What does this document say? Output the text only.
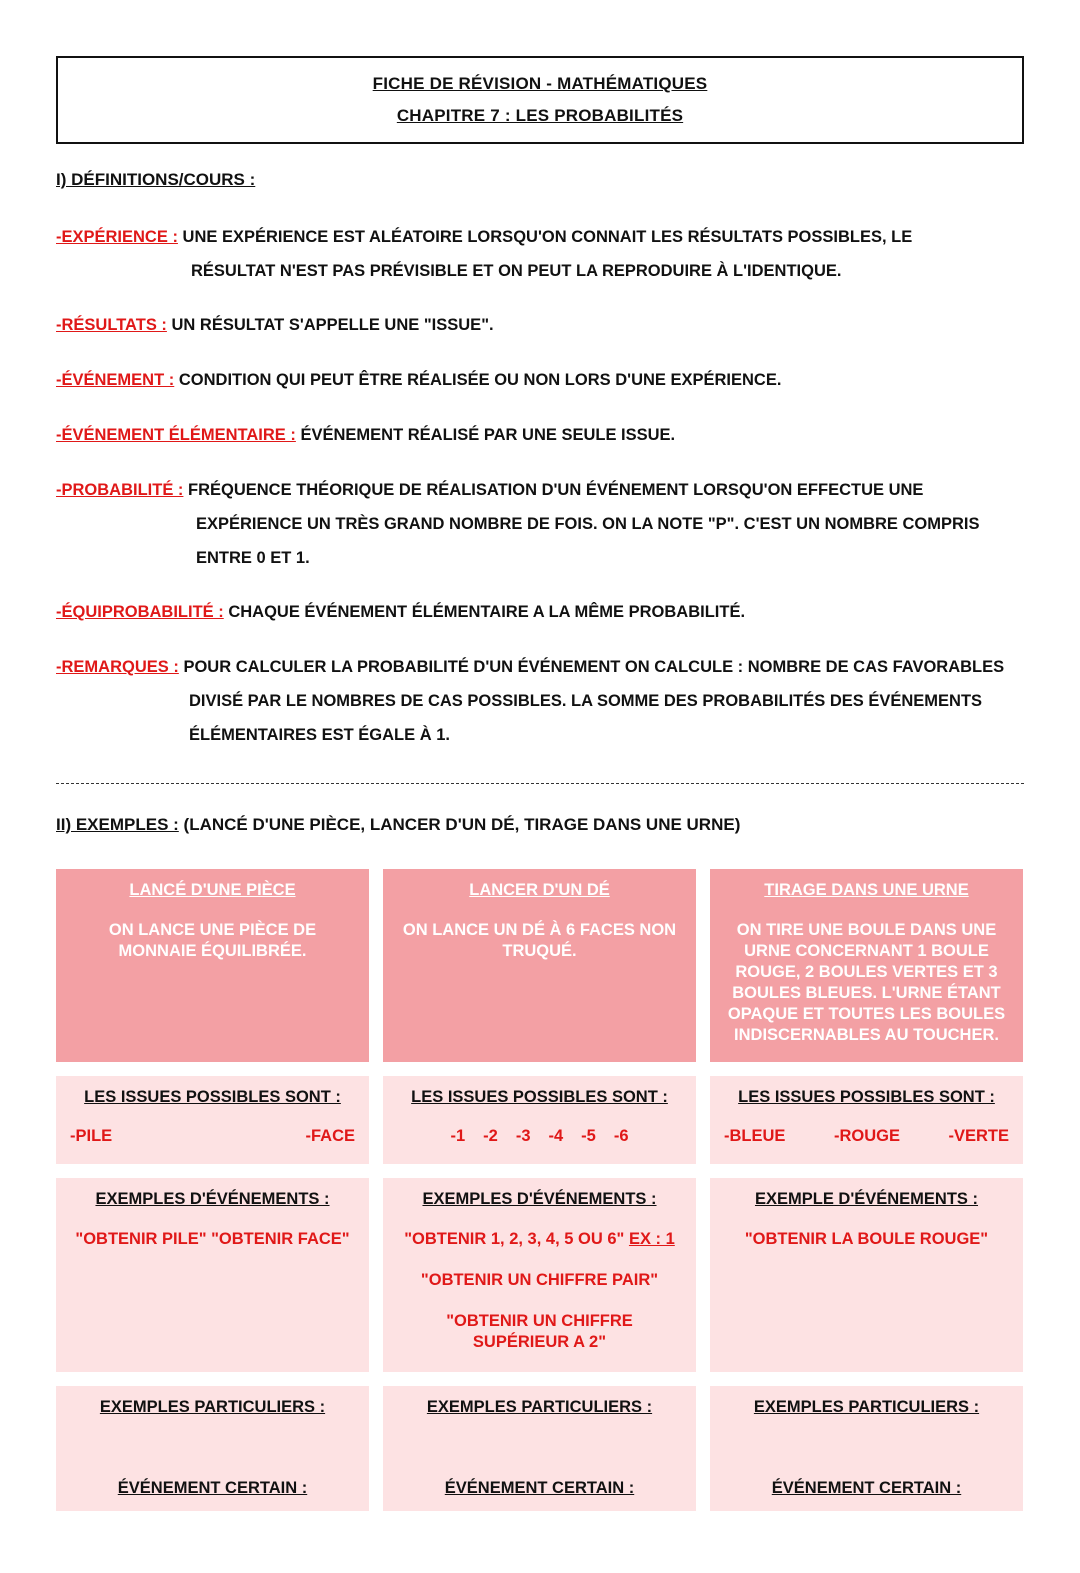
FICHE DE RÉVISION - MATHÉMATIQUES
CHAPITRE 7 : LES PROBABILITÉS
I) DÉFINITIONS/COURS :
-EXPÉRIENCE : UNE EXPÉRIENCE EST ALÉATOIRE LORSQU'ON CONNAIT LES RÉSULTATS POSSIBLES, LE
RÉSULTAT N'EST PAS PRÉVISIBLE ET ON PEUT LA REPRODUIRE À L'IDENTIQUE.
-RÉSULTATS : UN RÉSULTAT S'APPELLE UNE "ISSUE".
-ÉVÉNEMENT : CONDITION QUI PEUT ÊTRE RÉALISÉE OU NON LORS D'UNE EXPÉRIENCE.
-ÉVÉNEMENT ÉLÉMENTAIRE : ÉVÉNEMENT RÉALISÉ PAR UNE SEULE ISSUE.
-PROBABILITÉ : FRÉQUENCE THÉORIQUE DE RÉALISATION D'UN ÉVÉNEMENT LORSQU'ON EFFECTUE UNE
EXPÉRIENCE UN TRÈS GRAND NOMBRE DE FOIS. ON LA NOTE "P". C'EST UN NOMBRE COMPRIS
ENTRE 0 ET 1.
-ÉQUIPROBABILITÉ : CHAQUE ÉVÉNEMENT ÉLÉMENTAIRE A LA MÊME PROBABILITÉ.
-REMARQUES : POUR CALCULER LA PROBABILITÉ D'UN ÉVÉNEMENT ON CALCULE : NOMBRE DE CAS FAVORABLES
DIVISÉ PAR LE NOMBRES DE CAS POSSIBLES. LA SOMME DES PROBABILITÉS DES ÉVÉNEMENTS
ÉLÉMENTAIRES EST ÉGALE À 1.
II) EXEMPLES : (LANCÉ D'UNE PIÈCE, LANCER D'UN DÉ, TIRAGE DANS UNE URNE)
LANCÉ D'UNE PIÈCE
ON LANCE UNE PIÈCE DE MONNAIE ÉQUILIBRÉE.
LES ISSUES POSSIBLES SONT :
-PILE	-FACE
EXEMPLES D'ÉVÉNEMENTS :
"OBTENIR PILE" "OBTENIR FACE"
EXEMPLES PARTICULIERS :
ÉVÉNEMENT CERTAIN :
LANCER D'UN DÉ
ON LANCE UN DÉ À 6 FACES NON TRUQUÉ.
LES ISSUES POSSIBLES SONT :
-1 -2 -3 -4 -5 -6
EXEMPLES D'ÉVÉNEMENTS :
"OBTENIR 1, 2, 3, 4, 5 OU 6" EX : 1
"OBTENIR UN CHIFFRE PAIR"
"OBTENIR UN CHIFFRE SUPÉRIEUR A 2"
EXEMPLES PARTICULIERS :
ÉVÉNEMENT CERTAIN :
TIRAGE DANS UNE URNE
ON TIRE UNE BOULE DANS UNE URNE CONCERNANT 1 BOULE ROUGE, 2 BOULES VERTES ET 3 BOULES BLEUES. L'URNE ÉTANT OPAQUE ET TOUTES LES BOULES INDISCERNABLES AU TOUCHER.
LES ISSUES POSSIBLES SONT :
-BLEUE	-ROUGE	-VERTE
EXEMPLE D'ÉVÉNEMENTS :
"OBTENIR LA BOULE ROUGE"
EXEMPLES PARTICULIERS :
ÉVÉNEMENT CERTAIN :
